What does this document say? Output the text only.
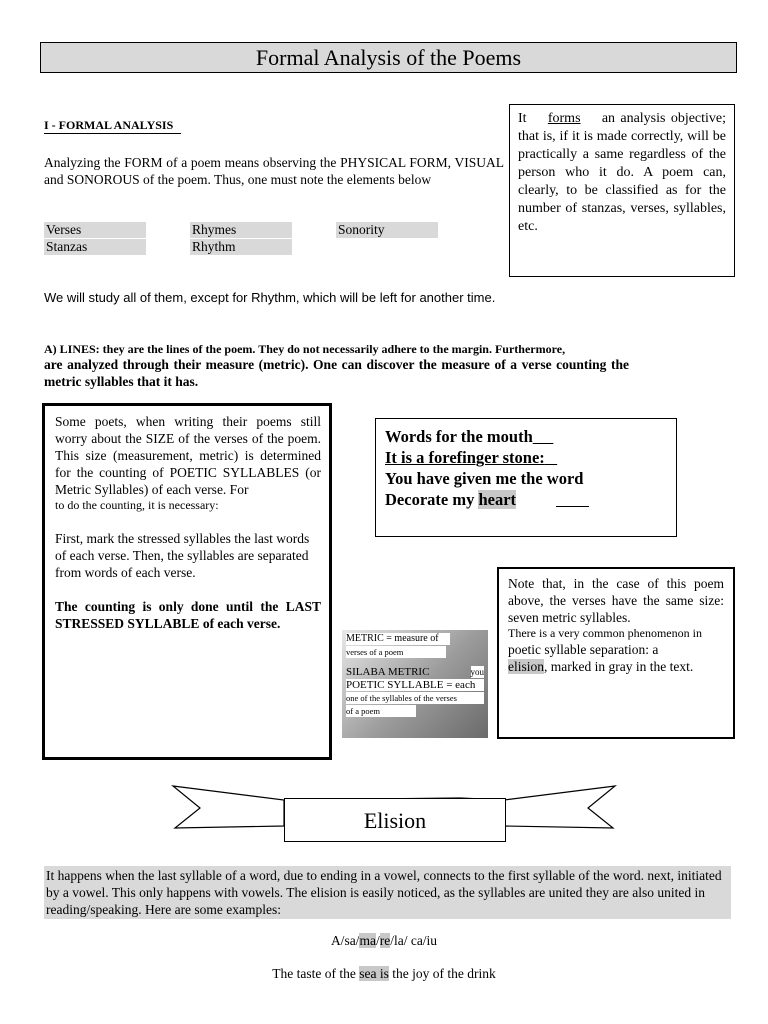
Formal Analysis of the Poems
I - FORMAL ANALYSIS
Analyzing the FORM of a poem means observing the PHYSICAL FORM, VISUAL and SONOROUS of the poem. Thus, one must note the elements below
Verses
Stanzas
Rhymes
Rhythm
Sonority
It forms an analysis objective; that is, if it is made correctly, will be practically a same regardless of the person who it do. A poem can, clearly, to be classified as for the number of stanzas, verses, syllables, etc.
We will study all of them, except for Rhythm, which will be left for another time.
A) LINES: they are the lines of the poem. They do not necessarily adhere to the margin. Furthermore,
are analyzed through their measure (metric). One can discover the measure of a verse counting the metric syllables that it has.

Some poets, when writing their poems still worry about the SIZE of the verses of the poem. This size (measurement, metric) is determined for the counting of POETIC SYLLABLES (or Metric Syllables) of each verse. For

to do the counting, it is necessary:

First, mark the stressed syllables the last words of each verse. Then, the syllables are separated from words of each verse.

The counting is only done until the LAST STRESSED SYLLABLE of each verse.

Words for the mouth
It is a forefinger stone:
You have given me the word
Decorate my heart
Note that, in the case of this poem above, the verses have the same size: seven metric syllables.
There is a very common phenomenon in
poetic syllable separation: a
elision, marked in gray in the text.
METRIC = measure of
verses of a poem
SILABA METRIC	you
POETIC SYLLABLE = each
one of the syllables of the verses
of a poem
Elision
It happens when the last syllable of a word, due to ending in a vowel, connects to the first syllable of the word. next, initiated by a vowel. This only happens with vowels. The elision is easily noticed, as the syllables are united they are also united in reading/speaking. Here are some examples:
A/sa/ma/re/la/ ca/iu
The taste of the sea is the joy of the drink
